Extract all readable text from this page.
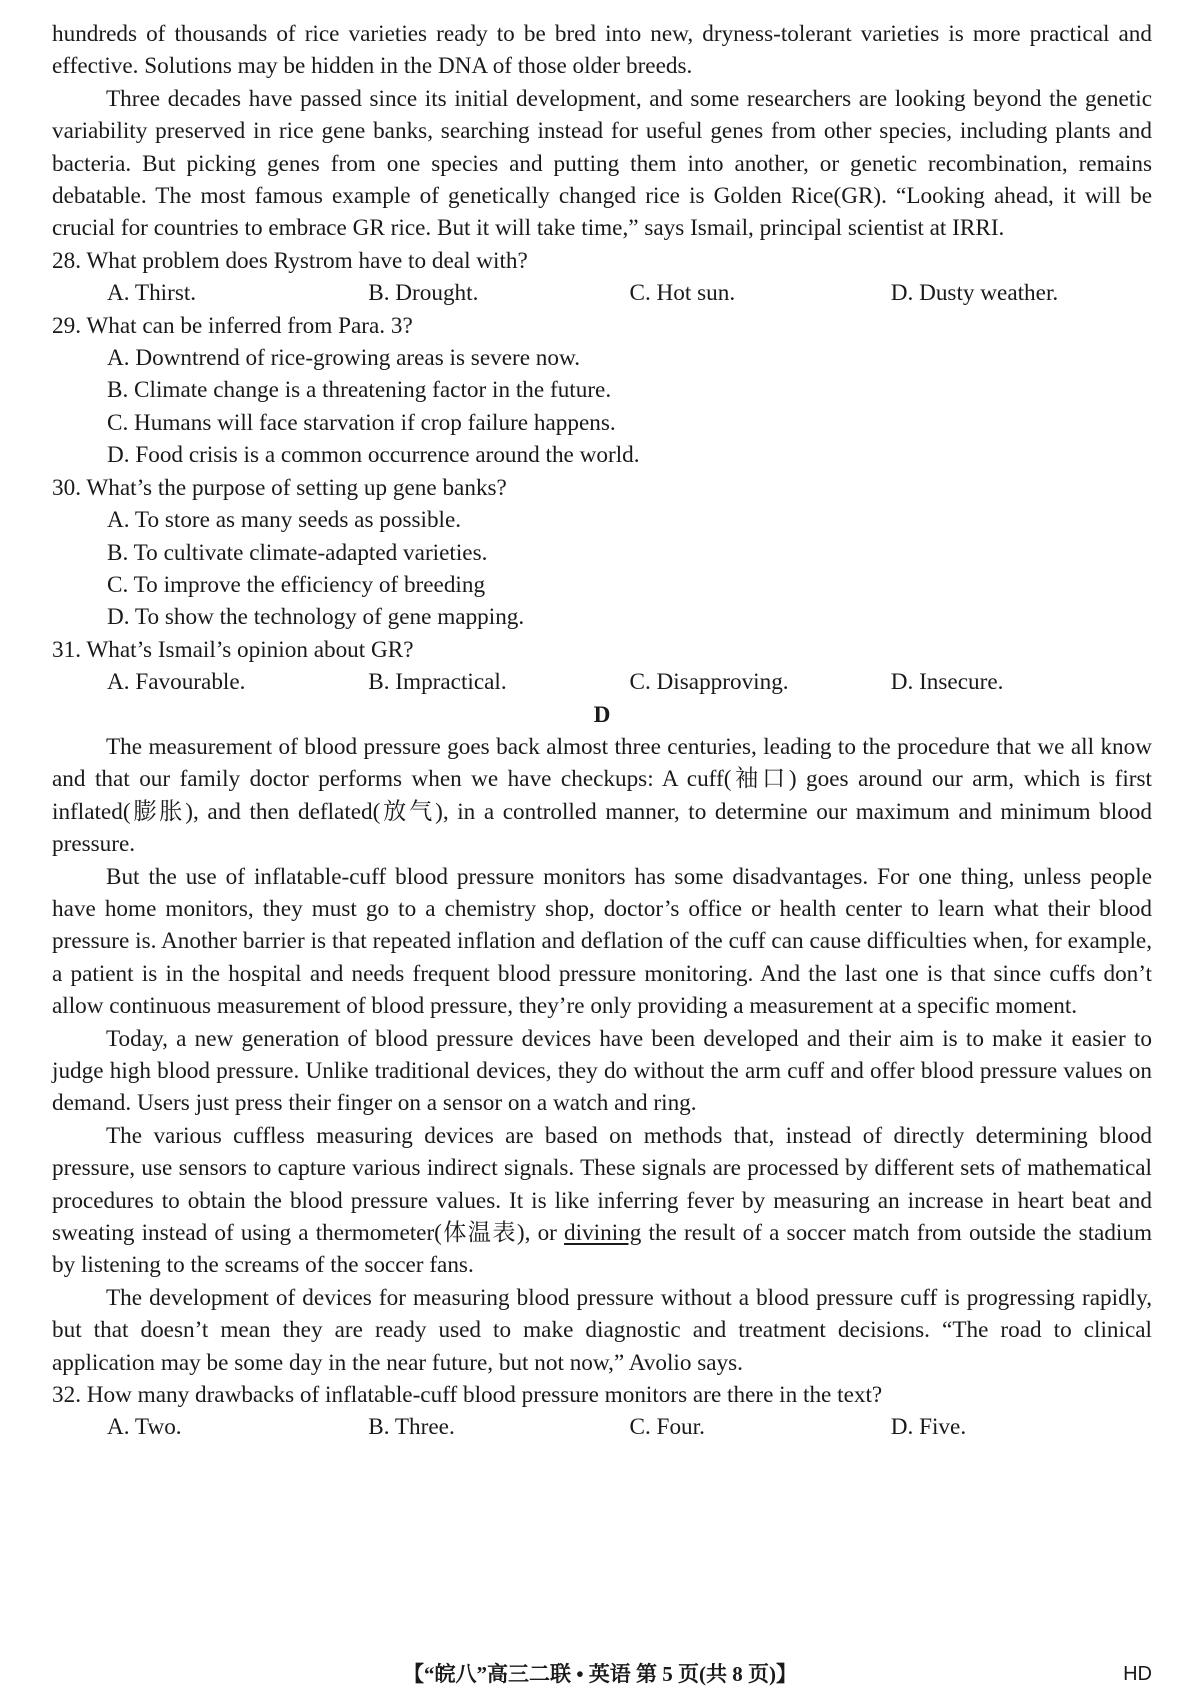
hundreds of thousands of rice varieties ready to be bred into new, dryness-tolerant varieties is more practical and effective. Solutions may be hidden in the DNA of those older breeds.

Three decades have passed since its initial development, and some researchers are looking beyond the genetic variability preserved in rice gene banks, searching instead for useful genes from other species, including plants and bacteria. But picking genes from one species and putting them into another, or genetic recombination, remains debatable. The most famous example of genetically changed rice is Golden Rice(GR). “Looking ahead, it will be crucial for countries to embrace GR rice. But it will take time,” says Ismail, principal scientist at IRRI.

28. What problem does Rystrom have to deal with?

A. Thirst.	B. Drought.	C. Hot sun.	D. Dusty weather.

29. What can be inferred from Para. 3?

A. Downtrend of rice-growing areas is severe now.
B. Climate change is a threatening factor in the future.
C. Humans will face starvation if crop failure happens.
D. Food crisis is a common occurrence around the world.

30. What’s the purpose of setting up gene banks?

A. To store as many seeds as possible.
B. To cultivate climate-adapted varieties.
C. To improve the efficiency of breeding
D. To show the technology of gene mapping.

31. What’s Ismail’s opinion about GR?

A. Favourable.	B. Impractical.	C. Disapproving.	D. Insecure.

D

The measurement of blood pressure goes back almost three centuries, leading to the procedure that we all know and that our family doctor performs when we have checkups: A cuff(袖口) goes around our arm, which is first inflated(膨胀), and then deflated(放气), in a controlled manner, to determine our maximum and minimum blood pressure.

But the use of inflatable-cuff blood pressure monitors has some disadvantages. For one thing, unless people have home monitors, they must go to a chemistry shop, doctor’s office or health center to learn what their blood pressure is. Another barrier is that repeated inflation and deflation of the cuff can cause difficulties when, for example, a patient is in the hospital and needs frequent blood pressure monitoring. And the last one is that since cuffs don’t allow continuous measurement of blood pressure, they’re only providing a measurement at a specific moment.

Today, a new generation of blood pressure devices have been developed and their aim is to make it easier to judge high blood pressure. Unlike traditional devices, they do without the arm cuff and offer blood pressure values on demand. Users just press their finger on a sensor on a watch and ring.

The various cuffless measuring devices are based on methods that, instead of directly determining blood pressure, use sensors to capture various indirect signals. These signals are processed by different sets of mathematical procedures to obtain the blood pressure values. It is like inferring fever by measuring an increase in heart beat and sweating instead of using a thermometer(体温表), or divining the result of a soccer match from outside the stadium by listening to the screams of the soccer fans.

The development of devices for measuring blood pressure without a blood pressure cuff is progressing rapidly, but that doesn’t mean they are ready used to make diagnostic and treatment decisions. “The road to clinical application may be some day in the near future, but not now,” Avolio says.

32. How many drawbacks of inflatable-cuff blood pressure monitors are there in the text?

A. Two.	B. Three.	C. Four.	D. Five.
【“皖八”高三二联 • 英语 第 5 页(共 8 页)】	HD
